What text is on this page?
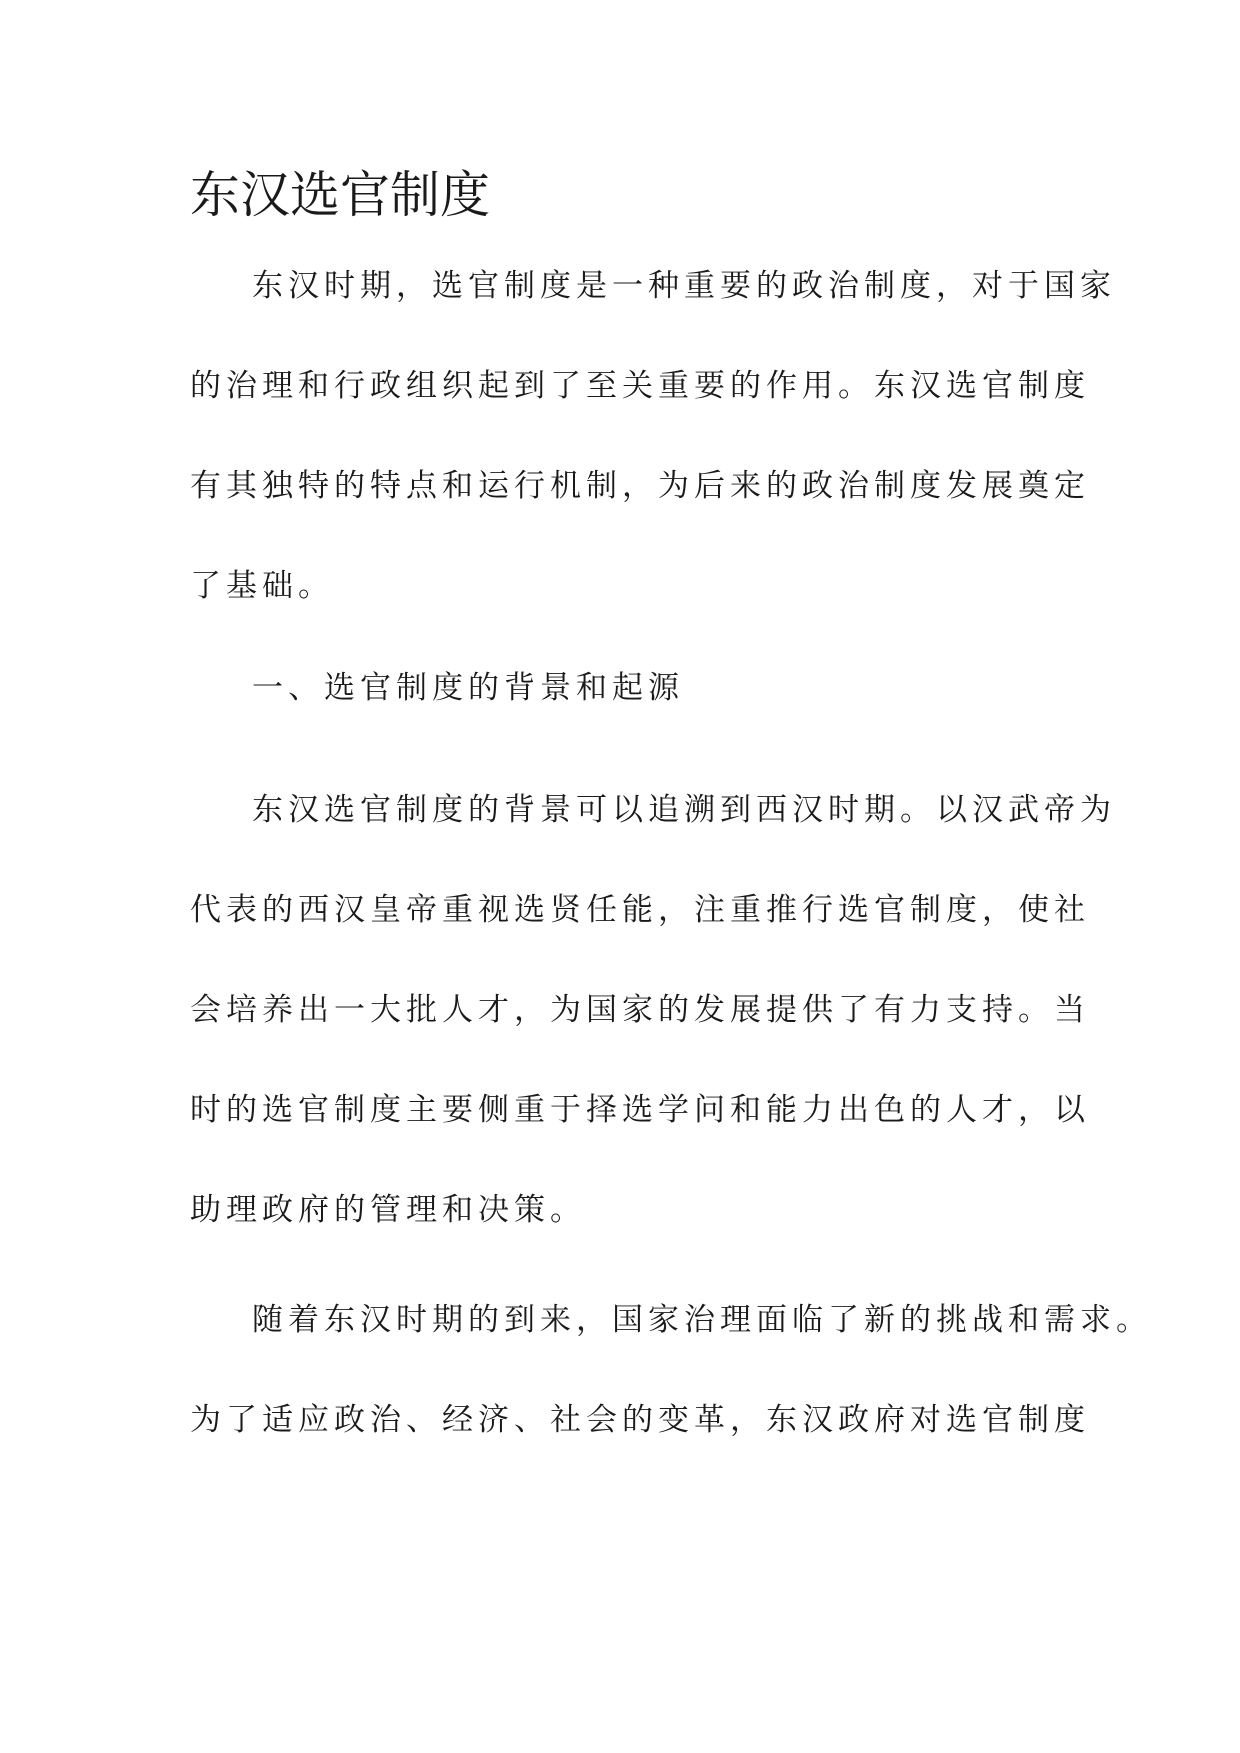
东汉选官制度

东汉时期，选官制度是一种重要的政治制度，对于国家

的治理和行政组织起到了至关重要的作用。东汉选官制度

有其独特的特点和运行机制，为后来的政治制度发展奠定

了基础。

一、选官制度的背景和起源

东汉选官制度的背景可以追溯到西汉时期。以汉武帝为

代表的西汉皇帝重视选贤任能，注重推行选官制度，使社

会培养出一大批人才，为国家的发展提供了有力支持。当

时的选官制度主要侧重于择选学问和能力出色的人才，以

助理政府的管理和决策。

随着东汉时期的到来，国家治理面临了新的挑战和需求。

为了适应政治、经济、社会的变革，东汉政府对选官制度
